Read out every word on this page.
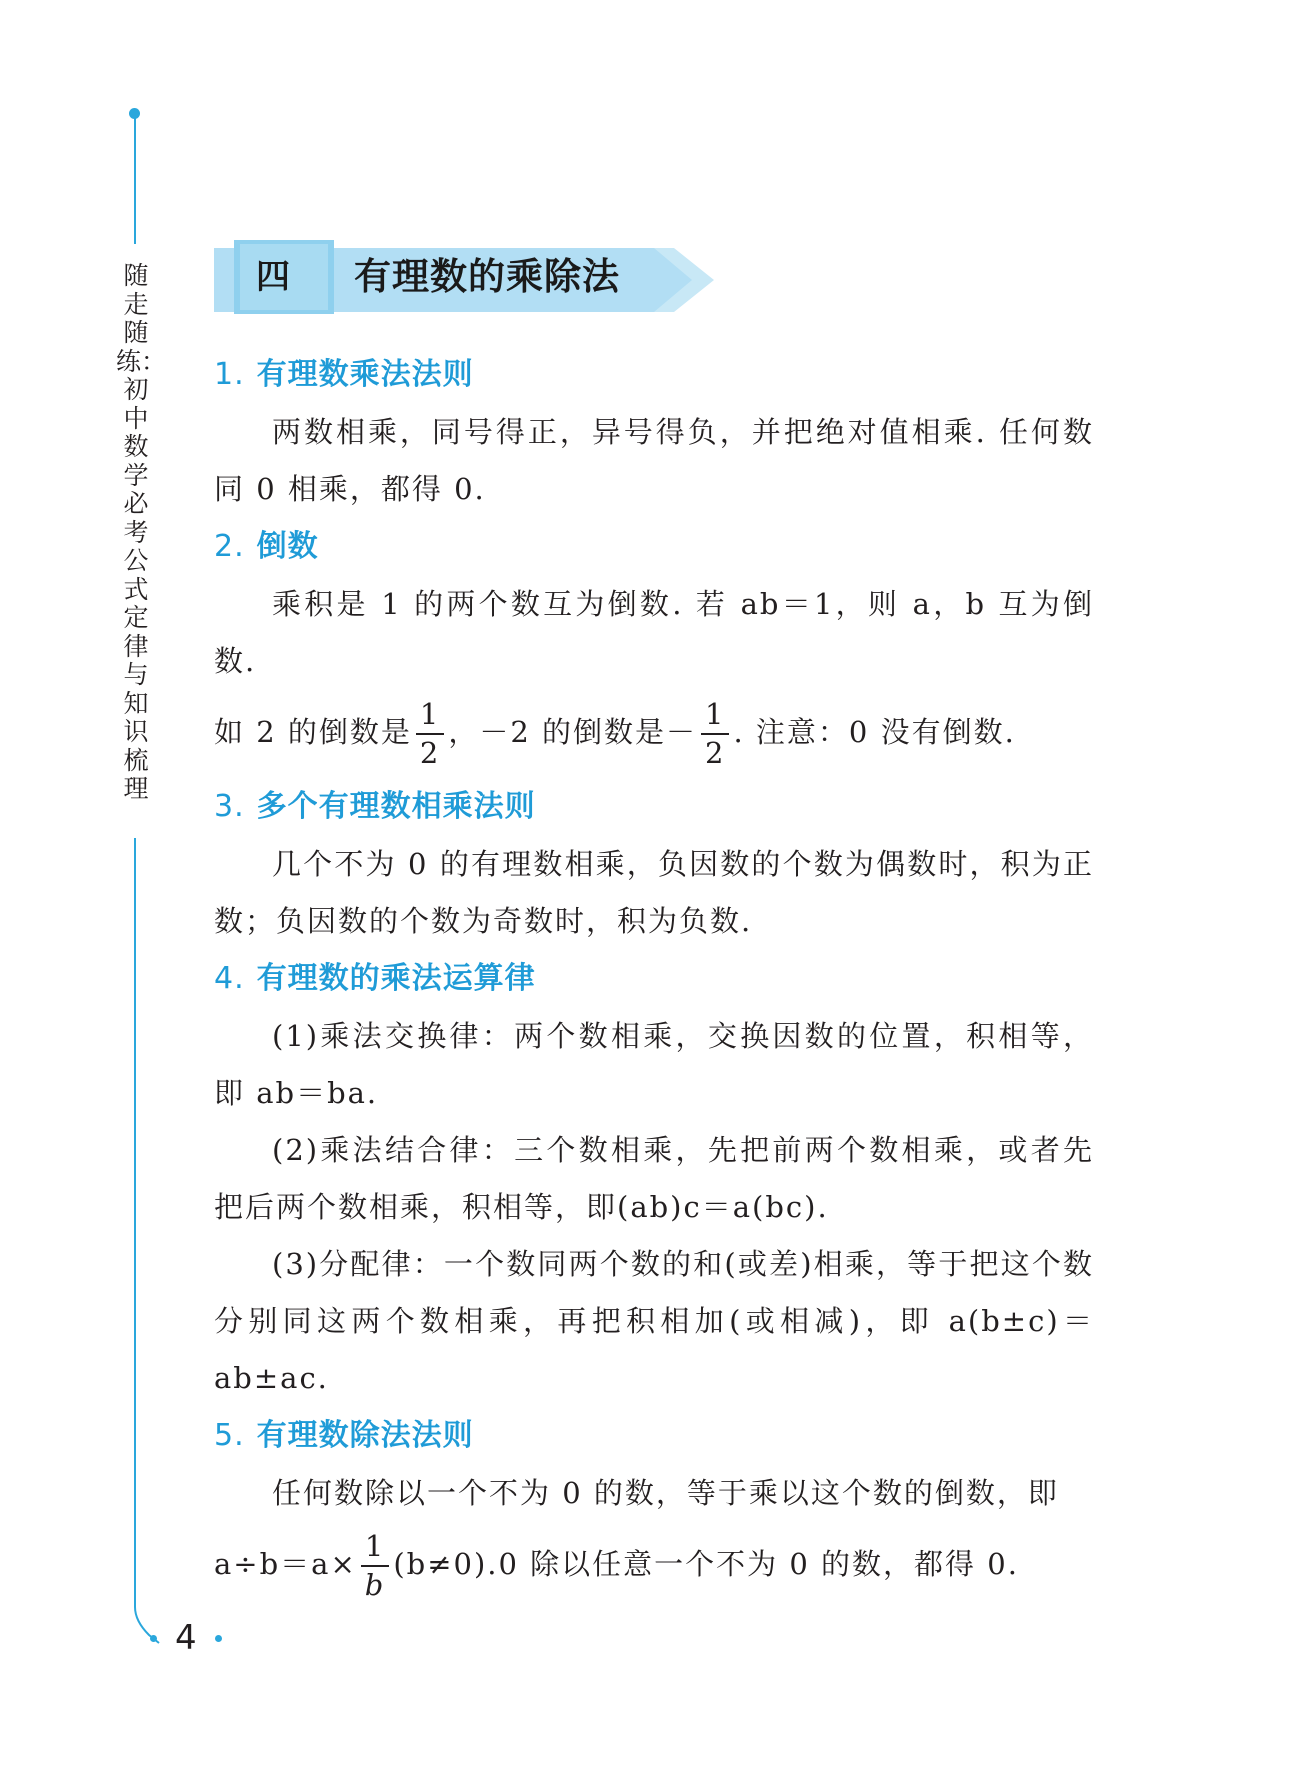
随走随练：初中数学必考公式定律与知识梳理
4
四	有理数的乘除法
1. 有理数乘法法则

两数相乘，同号得正，异号得负，并把绝对值相乘. 任何数同 0 相乘，都得 0.

2. 倒数

乘积是 1 的两个数互为倒数. 若 ab＝1，则 a，b 互为倒数.

如 2 的倒数是 $\frac{1}{2}$ ，－2 的倒数是－ $\frac{1}{2}$ . 注意：0 没有倒数.

3. 多个有理数相乘法则

几个不为 0 的有理数相乘，负因数的个数为偶数时，积为正数；负因数的个数为奇数时，积为负数.

4. 有理数的乘法运算律

(1)乘法交换律：两个数相乘，交换因数的位置，积相等，即 ab＝ba.

(2)乘法结合律：三个数相乘，先把前两个数相乘，或者先把后两个数相乘，积相等，即(ab)c＝a(bc).

(3)分配律：一个数同两个数的和(或差)相乘，等于把这个数分别同这两个数相乘，再把积相加(或相减)，即 a(b±c)＝ab±ac.

5. 有理数除法法则

任何数除以一个不为 0 的数，等于乘以这个数的倒数，即

$a\div b=a\times \frac{1}{b} (b\ne 0).0$ 除以任意一个不为 0 的数，都得 0.
